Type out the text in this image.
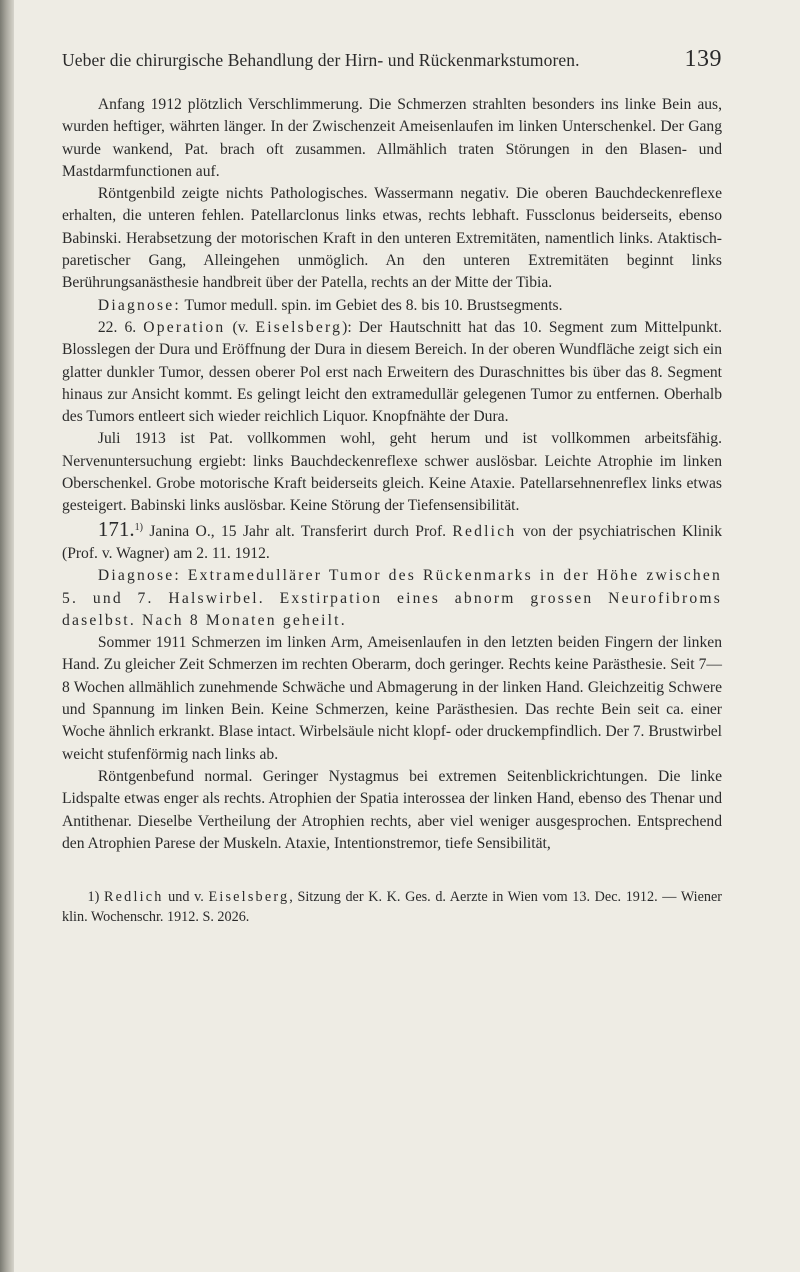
Ueber die chirurgische Behandlung der Hirn- und Rückenmarkstumoren.	139

Anfang 1912 plötzlich Verschlimmerung. Die Schmerzen strahlten besonders ins linke Bein aus, wurden heftiger, währten länger. In der Zwischenzeit Ameisenlaufen im linken Unterschenkel. Der Gang wurde wankend, Pat. brach oft zusammen. Allmählich traten Störungen in den Blasen- und Mastdarmfunctionen auf.

Röntgenbild zeigte nichts Pathologisches. Wassermann negativ. Die oberen Bauchdeckenreflexe erhalten, die unteren fehlen. Patellarclonus links etwas, rechts lebhaft. Fussclonus beiderseits, ebenso Babinski. Herabsetzung der motorischen Kraft in den unteren Extremitäten, namentlich links. Ataktisch-paretischer Gang, Alleingehen unmöglich. An den unteren Extremitäten beginnt links Berührungsanästhesie handbreit über der Patella, rechts an der Mitte der Tibia.

Diagnose: Tumor medull. spin. im Gebiet des 8. bis 10. Brustsegments.

22. 6. Operation (v. Eiselsberg): Der Hautschnitt hat das 10. Segment zum Mittelpunkt. Blosslegen der Dura und Eröffnung der Dura in diesem Bereich. In der oberen Wundfläche zeigt sich ein glatter dunkler Tumor, dessen oberer Pol erst nach Erweitern des Duraschnittes bis über das 8. Segment hinaus zur Ansicht kommt. Es gelingt leicht den extramedullär gelegenen Tumor zu entfernen. Oberhalb des Tumors entleert sich wieder reichlich Liquor. Knopfnähte der Dura.

Juli 1913 ist Pat. vollkommen wohl, geht herum und ist vollkommen arbeitsfähig. Nervenuntersuchung ergiebt: links Bauchdeckenreflexe schwer auslösbar. Leichte Atrophie im linken Oberschenkel. Grobe motorische Kraft beiderseits gleich. Keine Ataxie. Patellarsehnenreflex links etwas gesteigert. Babinski links auslösbar. Keine Störung der Tiefensensibilität.

171.$^{1)}$ Janina O., 15 Jahr alt. Transferirt durch Prof. Redlich von der psychiatrischen Klinik (Prof. v. Wagner) am 2. 11. 1912.

Diagnose: Extramedullärer Tumor des Rückenmarks in der Höhe zwischen 5. und 7. Halswirbel. Exstirpation eines abnorm grossen Neurofibroms daselbst. Nach 8 Monaten geheilt.

Sommer 1911 Schmerzen im linken Arm, Ameisenlaufen in den letzten beiden Fingern der linken Hand. Zu gleicher Zeit Schmerzen im rechten Oberarm, doch geringer. Rechts keine Parästhesie. Seit 7—8 Wochen allmählich zunehmende Schwäche und Abmagerung in der linken Hand. Gleichzeitig Schwere und Spannung im linken Bein. Keine Schmerzen, keine Parästhesien. Das rechte Bein seit ca. einer Woche ähnlich erkrankt. Blase intact. Wirbelsäule nicht klopf- oder druckempfindlich. Der 7. Brustwirbel weicht stufenförmig nach links ab.

Röntgenbefund normal. Geringer Nystagmus bei extremen Seitenblickrichtungen. Die linke Lidspalte etwas enger als rechts. Atrophien der Spatia interossea der linken Hand, ebenso des Thenar und Antithenar. Dieselbe Vertheilung der Atrophien rechts, aber viel weniger ausgesprochen. Entsprechend den Atrophien Parese der Muskeln. Ataxie, Intentionstremor, tiefe Sensibilität,

1) Redlich und v. Eiselsberg, Sitzung der K. K. Ges. d. Aerzte in Wien vom 13. Dec. 1912. — Wiener klin. Wochenschr. 1912. S. 2026.
